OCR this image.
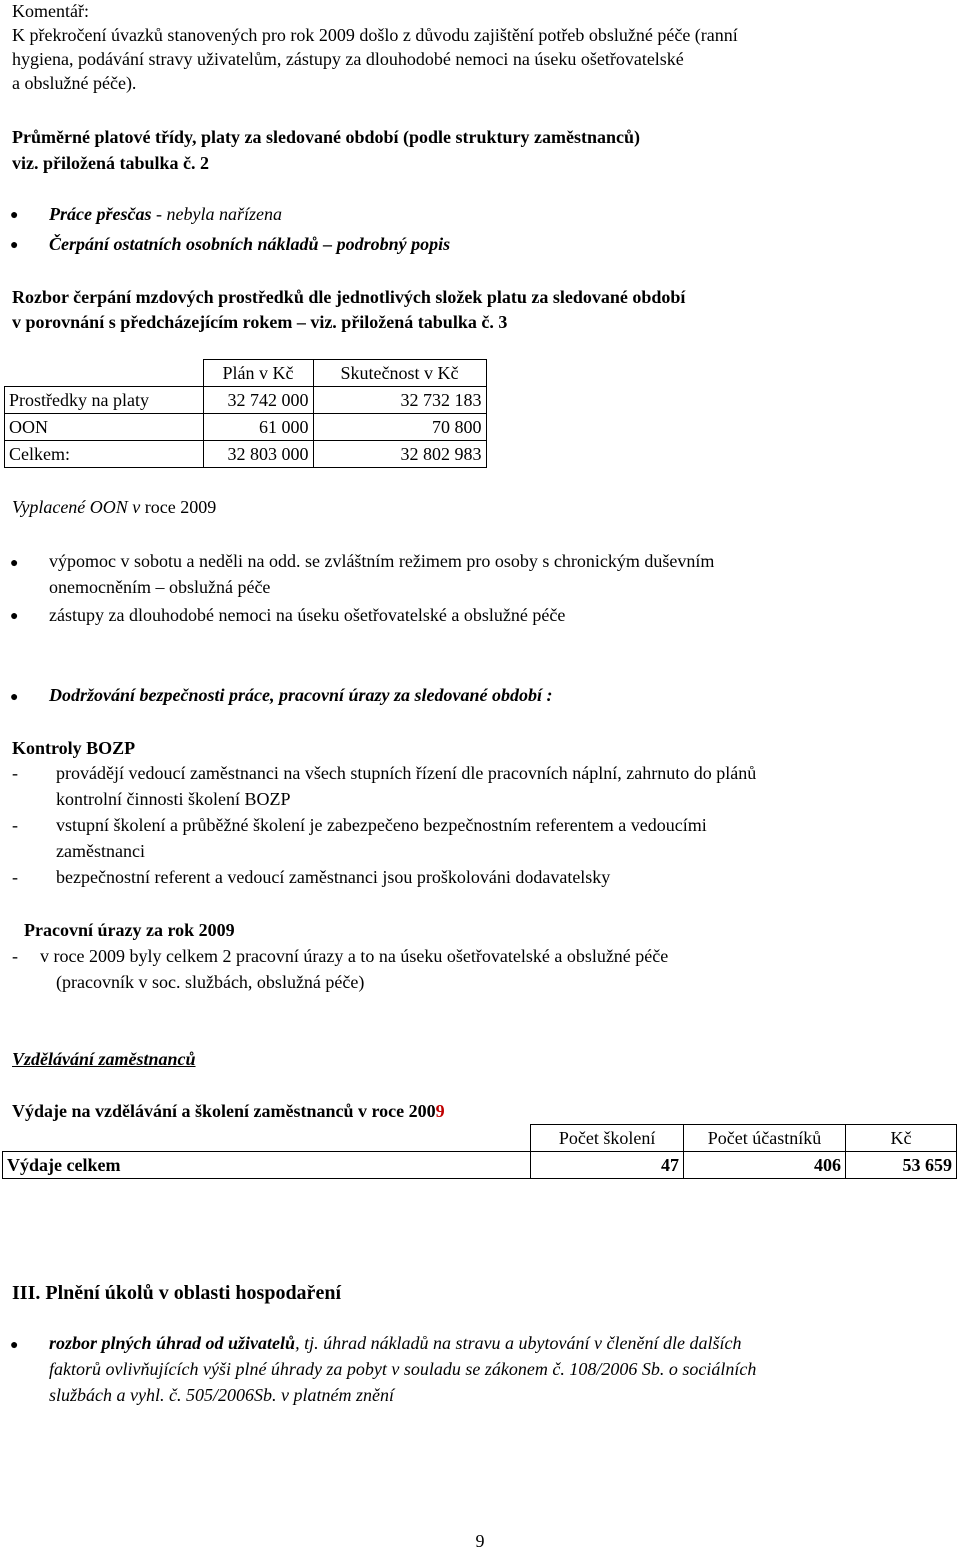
Komentář:
K překročení úvazků stanovených pro rok 2009 došlo z důvodu zajištění potřeb obslužné péče (ranní
hygiena, podávání stravy uživatelům, zástupy za dlouhodobé nemoci na úseku ošetřovatelské
a obslužné péče).
Průměrné platové třídy, platy za sledované období (podle struktury zaměstnanců)
viz. přiložená tabulka č. 2
● Práce přesčas - nebyla nařízena
● Čerpání ostatních osobních nákladů – podrobný popis
Rozbor čerpání mzdových prostředků dle jednotlivých složek platu za sledované období
v porovnání s předcházejícím rokem – viz. přiložená tabulka č. 3
	Plán v Kč	Skutečnost v Kč
Prostředky na platy	32 742 000	32 732 183
OON	61 000	70 800
Celkem:	32 803 000	32 802 983
Vyplacené OON v roce 2009
● výpomoc v sobotu a neděli na odd. se zvláštním režimem pro osoby s chronickým duševním
onemocněním – obslužná péče
● zástupy za dlouhodobé nemoci na úseku ošetřovatelské a obslužné péče
● Dodržování bezpečnosti práce, pracovní úrazy za sledované období :
Kontroly BOZP
- provádějí vedoucí zaměstnanci na všech stupních řízení dle pracovních náplní, zahrnuto do plánů
kontrolní činnosti školení BOZP
- vstupní školení a průběžné školení je zabezpečeno bezpečnostním referentem a vedoucími
zaměstnanci
- bezpečnostní referent a vedoucí zaměstnanci jsou proškolováni dodavatelsky
Pracovní úrazy za rok 2009
- v roce 2009 byly celkem 2 pracovní úrazy a to na úseku ošetřovatelské a obslužné péče
(pracovník v soc. službách, obslužná péče)
Vzdělávání zaměstnanců
Výdaje na vzdělávání a školení zaměstnanců v roce 2009
	Počet školení	Počet účastníků	Kč
Výdaje celkem	47	406	53 659
III. Plnění úkolů v oblasti hospodaření
● rozbor plných úhrad od uživatelů, tj. úhrad nákladů na stravu a ubytování v členění dle dalších
faktorů ovlivňujících výši plné úhrady za pobyt v souladu se zákonem č. 108/2006 Sb. o sociálních
službách a vyhl. č. 505/2006Sb. v platném znění
9
